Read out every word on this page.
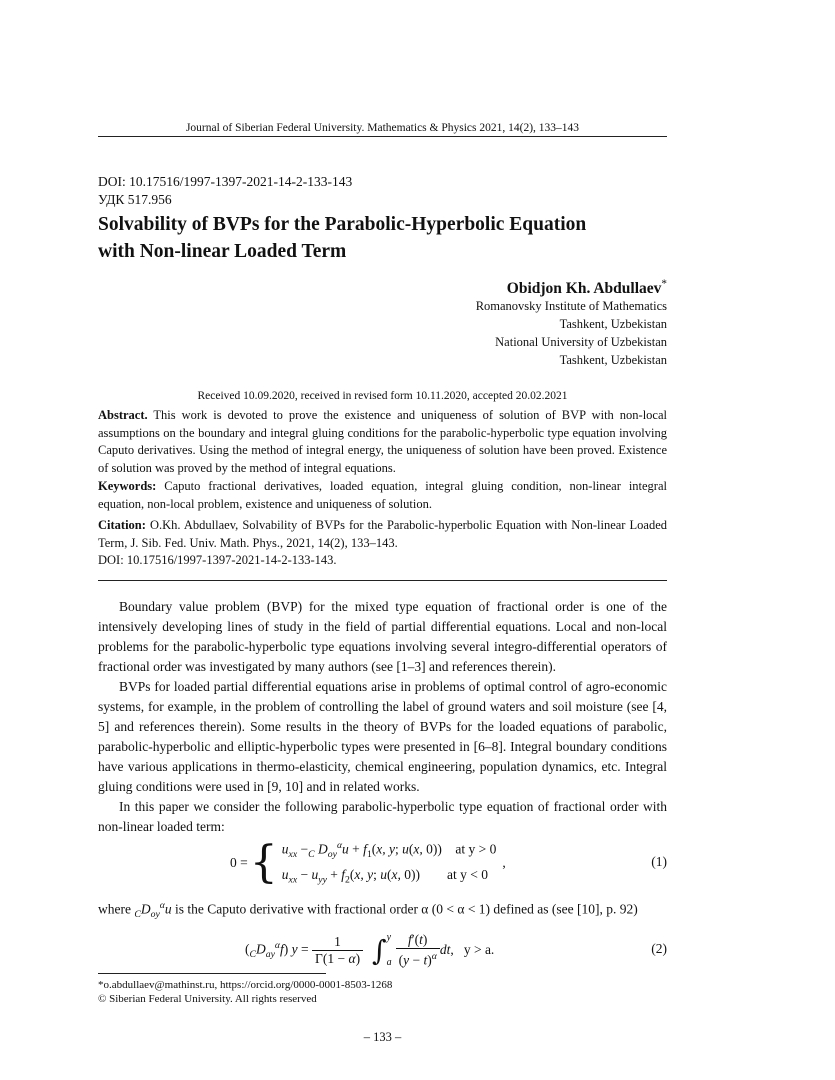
Journal of Siberian Federal University. Mathematics & Physics 2021, 14(2), 133–143
DOI: 10.17516/1997-1397-2021-14-2-133-143
УДК 517.956
Solvability of BVPs for the Parabolic-Hyperbolic Equation
with Non-linear Loaded Term
Obidjon Kh. Abdullaev*
Romanovsky Institute of Mathematics
Tashkent, Uzbekistan
National University of Uzbekistan
Tashkent, Uzbekistan
Received 10.09.2020, received in revised form 10.11.2020, accepted 20.02.2021
Abstract. This work is devoted to prove the existence and uniqueness of solution of BVP with non-local assumptions on the boundary and integral gluing conditions for the parabolic-hyperbolic type equation involving Caputo derivatives. Using the method of integral energy, the uniqueness of solution have been proved. Existence of solution was proved by the method of integral equations.
Keywords: Caputo fractional derivatives, loaded equation, integral gluing condition, non-linear integral equation, non-local problem, existence and uniqueness of solution.
Citation: O.Kh. Abdullaev, Solvability of BVPs for the Parabolic-hyperbolic Equation with Non-linear Loaded Term, J. Sib. Fed. Univ. Math. Phys., 2021, 14(2), 133–143.
DOI: 10.17516/1997-1397-2021-14-2-133-143.

Boundary value problem (BVP) for the mixed type equation of fractional order is one of the intensively developing lines of study in the field of partial differential equations. Local and non-local problems for the parabolic-hyperbolic type equations involving several integro-differential operators of fractional order was investigated by many authors (see [1–3] and references therein).

BVPs for loaded partial differential equations arise in problems of optimal control of agro-economic systems, for example, in the problem of controlling the label of ground waters and soil moisture (see [4, 5] and references therein). Some results in the theory of BVPs for the loaded equations of parabolic, parabolic-hyperbolic and elliptic-hyperbolic types were presented in [6–8]. Integral boundary conditions have various applications in thermo-elasticity, chemical engineering, population dynamics, etc. Integral gluing conditions were used in [9, 10] and in related works.

In this paper we consider the following parabolic-hyperbolic type equation of fractional order with non-linear loaded term:

0 = { $u_{xx} -_C$ $D_{oy}^\alpha u + f_1(x$, y; u(x, 0))    at y > 0
$u_{xx} - u_{yy} + f_2(x$, y; u(x, 0))        at y < 0
,	(1)
where $_CD_{oy}^\alpha u$ is the Caputo derivative with fractional order α (0 < α < 1) defined as (see [10], p. 92)
$(_CD_{ay}^\alpha f) y = \frac{1}{\Gamma(1 - \alpha)}$ ∫ y
a $\frac{f'(t)}{(y - t)^\alpha}$ dt,   y > a.	(2)
*o.abdullaev@mathinst.ru, https://orcid.org/0000-0001-8503-1268
© Siberian Federal University. All rights reserved
– 133 –
